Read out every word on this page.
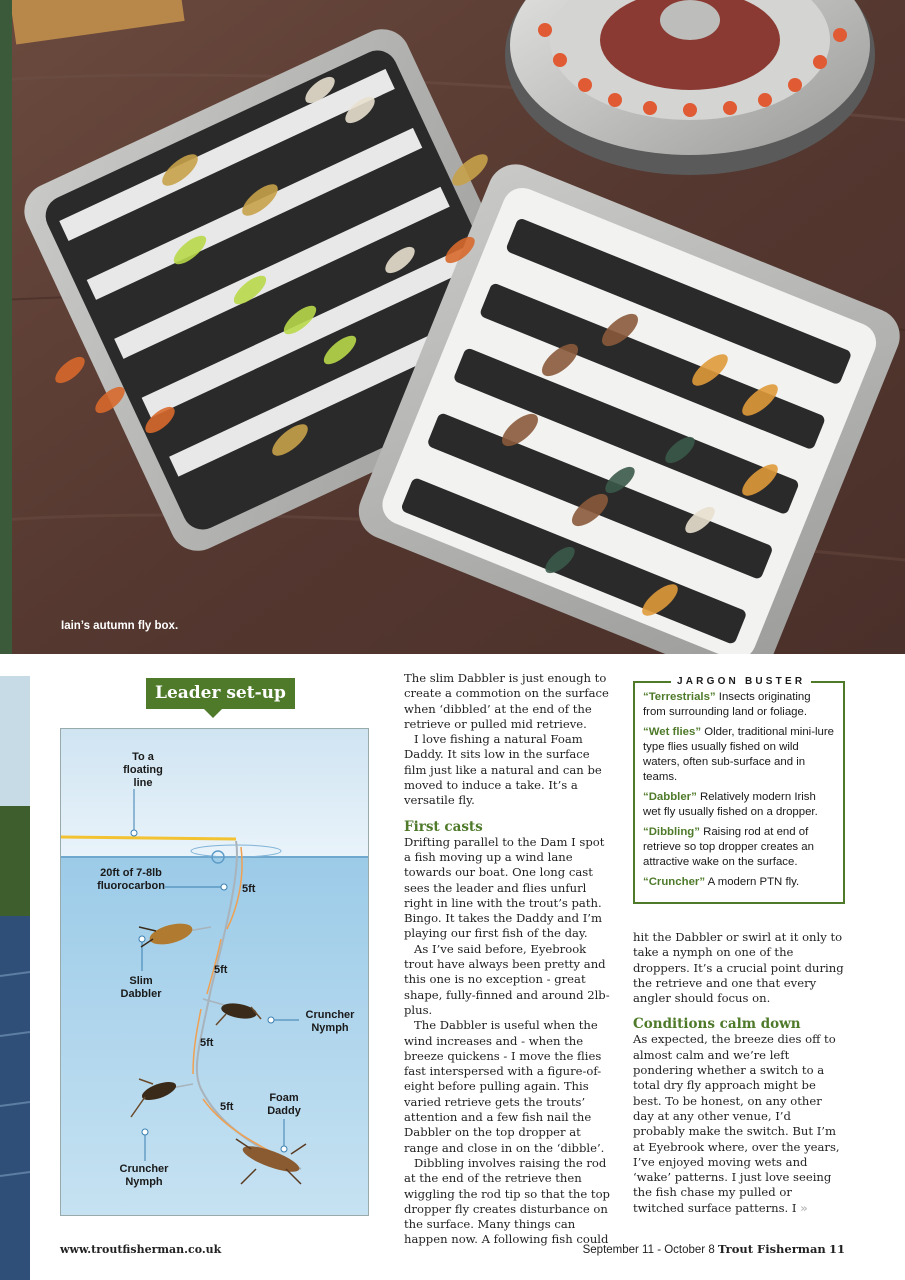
Iain’s autumn fly box.
Leader set-up
To a floating line
20ft of 7-8lb fluorocarbon
Slim Dabbler
Cruncher Nymph
Foam Daddy
Cruncher Nymph
5ft
5ft
5ft
5ft

The slim Dabbler is just enough to create a commotion on the surface when ‘dibbled’ at the end of the retrieve or pulled mid retrieve.

I love fishing a natural Foam Daddy. It sits low in the surface film just like a natural and can be moved to induce a take. It’s a versatile fly.

First casts

Drifting parallel to the Dam I spot a fish moving up a wind lane towards our boat. One long cast sees the leader and flies unfurl right in line with the trout’s path. Bingo. It takes the Daddy and I’m playing our first fish of the day.

As I’ve said before, Eyebrook trout have always been pretty and this one is no exception - great shape, fully-finned and around 2lb-plus.

The Dabbler is useful when the wind increases and - when the breeze quickens - I move the flies fast interspersed with a figure-of-eight before pulling again. This varied retrieve gets the trouts’ attention and a few fish nail the Dabbler on the top dropper at range and close in on the ‘dibble’.

Dibbling involves raising the rod at the end of the retrieve then wiggling the rod tip so that the top dropper fly creates disturbance on the surface. Many things can happen now. A following fish could

JARGON BUSTER
“Terrestrials” Insects originating from surrounding land or foliage.
“Wet flies” Older, traditional mini-lure type flies usually fished on wild waters, often sub-surface and in teams.
“Dabbler” Relatively modern Irish wet fly usually fished on a dropper.
“Dibbling” Raising rod at end of retrieve so top dropper creates an attractive wake on the surface.
“Cruncher” A modern PTN fly.

hit the Dabbler or swirl at it only to take a nymph on one of the droppers. It’s a crucial point during the retrieve and one that every angler should focus on.

Conditions calm down

As expected, the breeze dies off to almost calm and we’re left pondering whether a switch to a total dry fly approach might be best. To be honest, on any other day at any other venue, I’d probably make the switch. But I’m at Eyebrook where, over the years, I’ve enjoyed moving wets and ‘wake’ patterns. I just love seeing the fish chase my pulled or twitched surface patterns. I »

www.troutfisherman.co.uk	September 11 - October 8 Trout Fisherman 11
